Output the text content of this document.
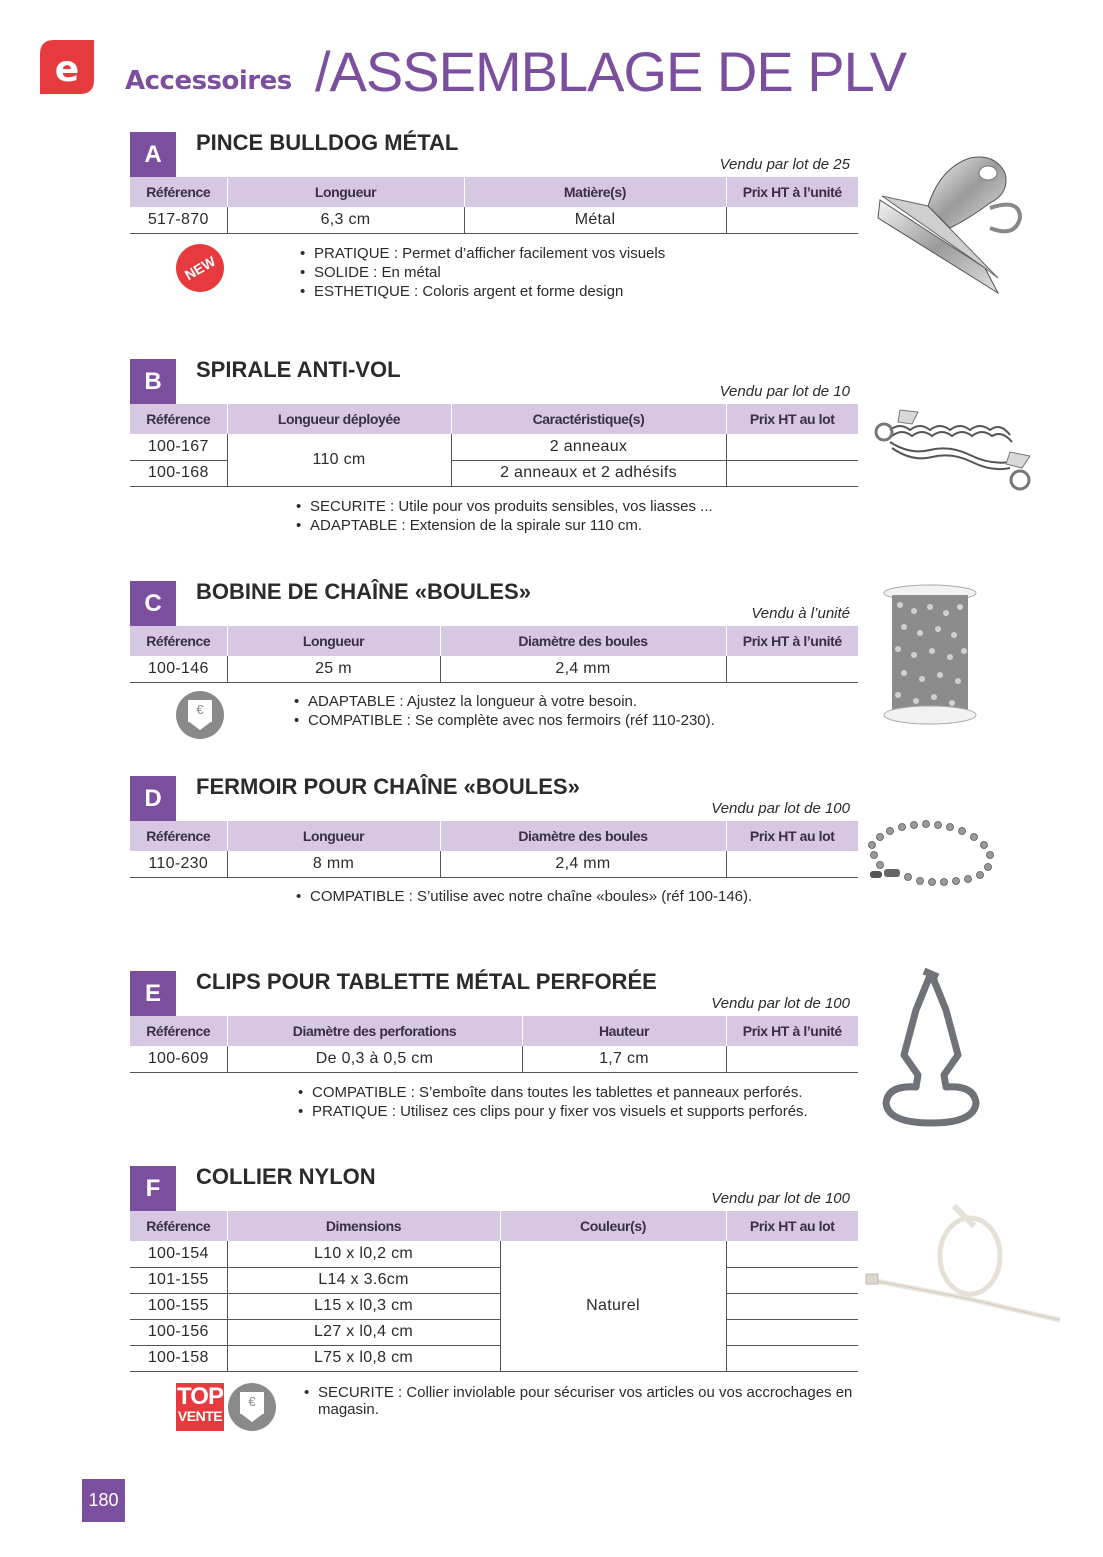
e Accessoires /ASSEMBLAGE DE PLV
A	PINCE BULLDOG MÉTAL
Vendu par lot de 25
Référence	Longueur	Matière(s)	Prix HT à l’unité
517-870	6,3 cm	Métal	
• PRATIQUE : Permet d’afficher facilement vos visuels
• SOLIDE : En métal
• ESTHETIQUE : Coloris argent et forme design
NEW
B	SPIRALE ANTI-VOL
Vendu par lot de 10
Référence	Longueur déployée	Caractéristique(s)	Prix HT au lot
100-167	110 cm	2 anneaux	
100-168		2 anneaux et 2 adhésifs	
• SECURITE : Utile pour vos produits sensibles, vos liasses ...
• ADAPTABLE : Extension de la spirale sur 110 cm.
C	BOBINE DE CHAÎNE «BOULES»
Vendu à l’unité
Référence	Longueur	Diamètre des boules	Prix HT à l’unité
100-146	25 m	2,4 mm	
• ADAPTABLE : Ajustez la longueur à votre besoin.
• COMPATIBLE : Se complète avec nos fermoirs (réf 110-230).
€
D	FERMOIR POUR CHAÎNE «BOULES»
Vendu par lot de 100
Référence	Longueur	Diamètre des boules	Prix HT au lot
110-230	8 mm	2,4 mm	
• COMPATIBLE : S’utilise avec notre chaîne «boules» (réf 100-146).
E	CLIPS POUR TABLETTE MÉTAL PERFORÉE
Vendu par lot de 100
Référence	Diamètre des perforations	Hauteur	Prix HT à l’unité
100-609	De 0,3 à 0,5 cm	1,7 cm	
• COMPATIBLE : S’emboîte dans toutes les tablettes et panneaux perforés.
• PRATIQUE : Utilisez ces clips pour y fixer vos visuels et supports perforés.
F	COLLIER NYLON
Vendu par lot de 100
Référence	Dimensions	Couleur(s)	Prix HT au lot
100-154	L10 x l0,2 cm	Naturel	
101-155	L14 x 3.6cm		
100-155	L15 x l0,3 cm		
100-156	L27 x l0,4 cm		
100-158	L75 x l0,8 cm		
• SECURITE : Collier inviolable pour sécuriser vos articles ou vos accrochages en magasin.
TOP
VENTE
€
180
